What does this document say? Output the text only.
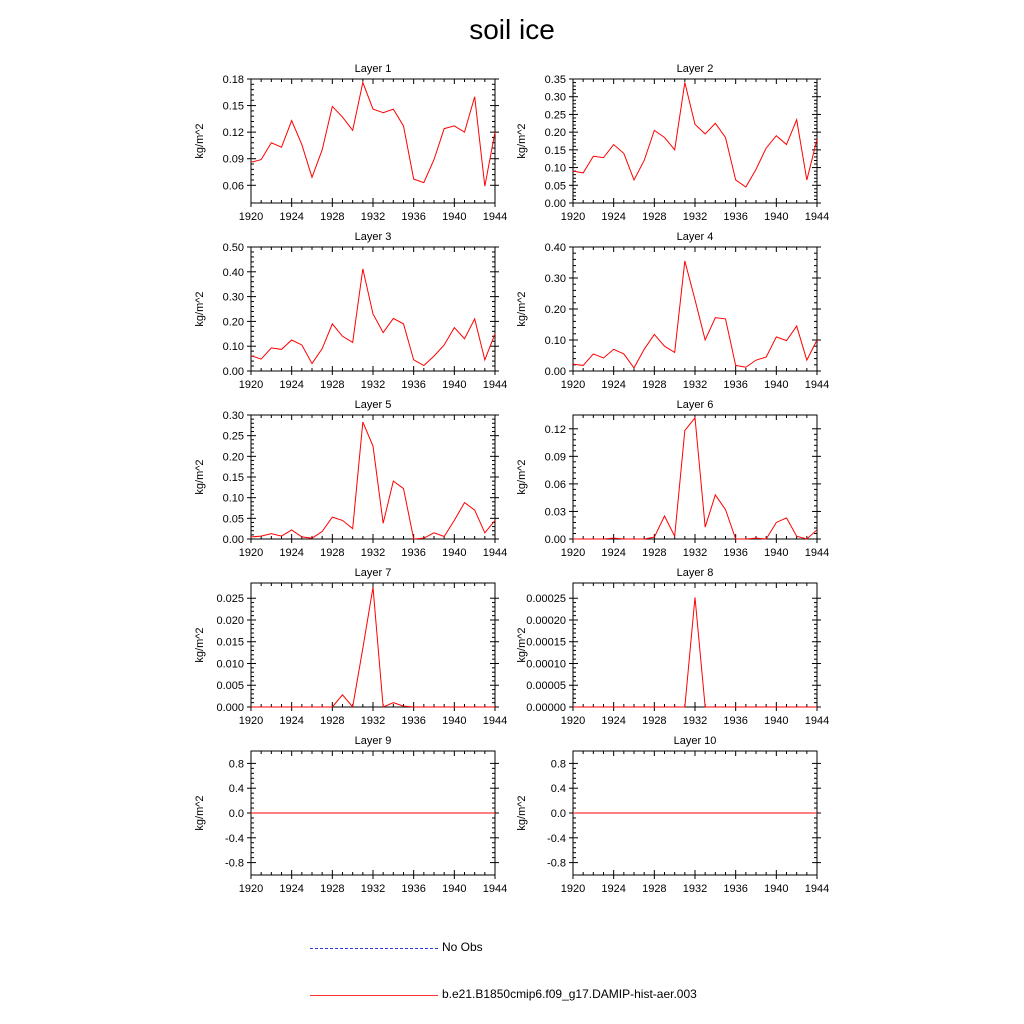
soil ice
Layer 1
kg/m^2
1920 1924 1928 1932 1936 1940 1944
0.06
0.09
0.12
0.15
0.18
Layer 2
kg/m^2
1920 1924 1928 1932 1936 1940 1944
0.00
0.05
0.10
0.15
0.20
0.25
0.30
0.35
Layer 3
kg/m^2
1920 1924 1928 1932 1936 1940 1944
0.00
0.10
0.20
0.30
0.40
0.50
Layer 4
kg/m^2
1920 1924 1928 1932 1936 1940 1944
0.00
0.10
0.20
0.30
0.40
Layer 5
kg/m^2
1920 1924 1928 1932 1936 1940 1944
0.00
0.05
0.10
0.15
0.20
0.25
0.30
Layer 6
kg/m^2
1920 1924 1928 1932 1936 1940 1944
0.00
0.03
0.06
0.09
0.12
Layer 7
kg/m^2
1920 1924 1928 1932 1936 1940 1944
0.000
0.005
0.010
0.015
0.020
0.025
Layer 8
kg/m^2
1920 1924 1928 1932 1936 1940 1944
0.00000
0.00005
0.00010
0.00015
0.00020
0.00025
Layer 9
kg/m^2
1920 1924 1928 1932 1936 1940 1944
-0.8
-0.4
0.0
0.4
0.8
Layer 10
kg/m^2
1920 1924 1928 1932 1936 1940 1944
-0.8
-0.4
0.0
0.4
0.8
No Obs
b.e21.B1850cmip6.f09_g17.DAMIP-hist-aer.003
